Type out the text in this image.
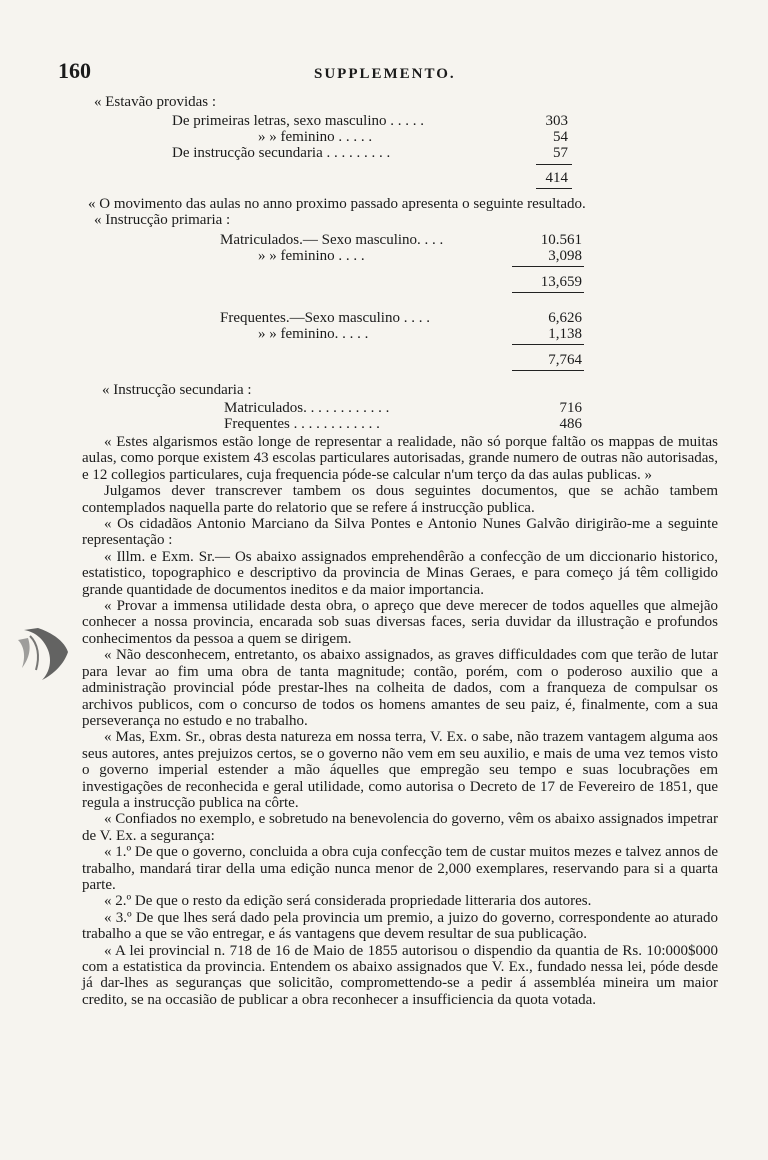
160	SUPPLEMENTO.
« Estavão providas :
De primeiras letras, sexo masculino . . . . .	303
» » feminino . . . . .	54
De instrucção secundaria . . . . . . . . .	57
414
« O movimento das aulas no anno proximo passado apresenta o seguinte resultado.
« Instrucção primaria :
Matriculados.— Sexo masculino. . . .	10.561
» » feminino . . . .	3,098
13,659
Frequentes.—Sexo masculino . . . .	6,626
» » feminino. . . . .	1,138
7,764
« Instrucção secundaria :
Matriculados. . . . . . . . . . . .	716
Frequentes . . . . . . . . . . . .	486

« Estes algarismos estão longe de representar a realidade, não só porque faltão os mappas de muitas aulas, como porque existem 43 escolas particulares autorisadas, grande numero de outras não autorisadas, e 12 collegios particulares, cuja frequencia póde-se calcular n'um terço da das aulas publicas. »

Julgamos dever transcrever tambem os dous seguintes documentos, que se achão tambem contemplados naquella parte do relatorio que se refere á instrucção publica.

« Os cidadãos Antonio Marciano da Silva Pontes e Antonio Nunes Galvão dirigirão-me a seguinte representação :

« Illm. e Exm. Sr.— Os abaixo assignados emprehendêrão a confecção de um diccionario historico, estatistico, topographico e descriptivo da provincia de Minas Geraes, e para começo já têm colligido grande quantidade de documentos ineditos e da maior importancia.

« Provar a immensa utilidade desta obra, o apreço que deve merecer de todos aquelles que almejão conhecer a nossa provincia, encarada sob suas diversas faces, seria duvidar da illustração e profundos conhecimentos da pessoa a quem se dirigem.

« Não desconhecem, entretanto, os abaixo assignados, as graves difficuldades com que terão de lutar para levar ao fim uma obra de tanta magnitude; contão, porém, com o poderoso auxilio que a administração provincial póde prestar-lhes na colheita de dados, com a franqueza de compulsar os archivos publicos, com o concurso de todos os homens amantes de seu paiz, é, finalmente, com a sua perseverança no estudo e no trabalho.

« Mas, Exm. Sr., obras desta natureza em nossa terra, V. Ex. o sabe, não trazem vantagem alguma aos seus autores, antes prejuizos certos, se o governo não vem em seu auxilio, e mais de uma vez temos visto o governo imperial estender a mão áquelles que empregão seu tempo e suas locubrações em investigações de reconhecida e geral utilidade, como autorisa o Decreto de 17 de Fevereiro de 1851, que regula a instrucção publica na côrte.

« Confiados no exemplo, e sobretudo na benevolencia do governo, vêm os abaixo assignados impetrar de V. Ex. a segurança:

« 1.º De que o governo, concluida a obra cuja confecção tem de custar muitos mezes e talvez annos de trabalho, mandará tirar della uma edição nunca menor de 2,000 exemplares, reservando para si a quarta parte.

« 2.º De que o resto da edição será considerada propriedade litteraria dos autores.

« 3.º De que lhes será dado pela provincia um premio, a juizo do governo, correspondente ao aturado trabalho a que se vão entregar, e ás vantagens que devem resultar de sua publicação.

« A lei provincial n. 718 de 16 de Maio de 1855 autorisou o dispendio da quantia de Rs. 10:000$000 com a estatistica da provincia. Entendem os abaixo assignados que V. Ex., fundado nessa lei, póde desde já dar-lhes as seguranças que solicitão, compromettendo-se a pedir á assembléa mineira um maior credito, se na occasião de publicar a obra reconhecer a insufficiencia da quota votada.
